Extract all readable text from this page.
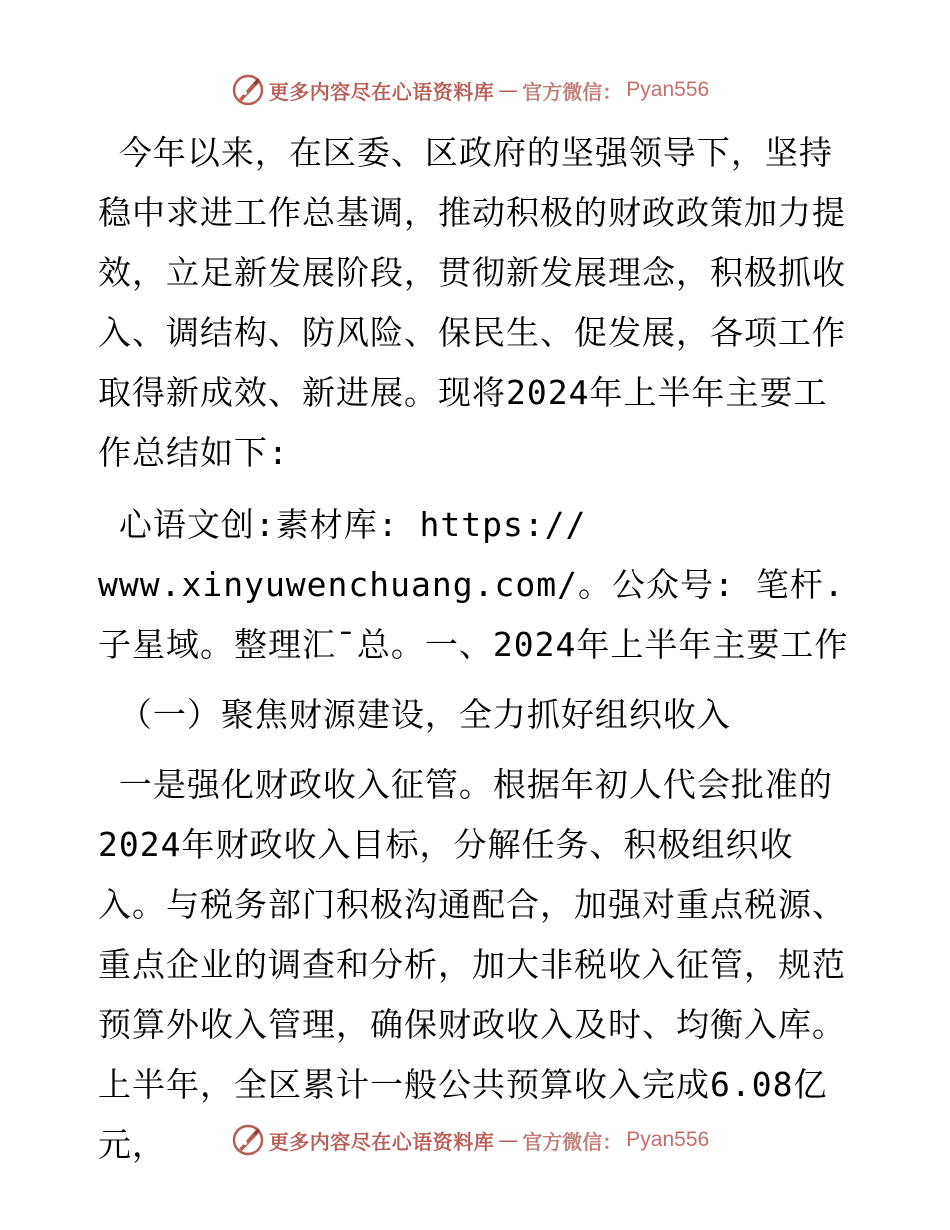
更多内容尽在心语资料库 — 官方微信： Pyan556

今年以来，在区委、区政府的坚强领导下，坚持稳中求进工作总基调，推动积极的财政政策加力提效，立足新发展阶段，贯彻新发展理念，积极抓收入、调结构、防风险、保民生、促发展，各项工作取得新成效、新进展。现将2024年上半年主要工作总结如下:

心语文创:素材库: https://
www.xinyuwenchuang.com/。公众号: 笔杆.子星域。整理汇¯总。一、2024年上半年主要工作

（一）聚焦财源建设，全力抓好组织收入

一是强化财政收入征管。根据年初人代会批准的2024年财政收入目标，分解任务、积极组织收入。与税务部门积极沟通配合，加强对重点税源、重点企业的调查和分析，加大非税收入征管，规范预算外收入管理，确保财政收入及时、均衡入库。上半年，全区累计一般公共预算收入完成6.08亿元，	更多内容尽在心语资料库 — 官方微信： Pyan556
